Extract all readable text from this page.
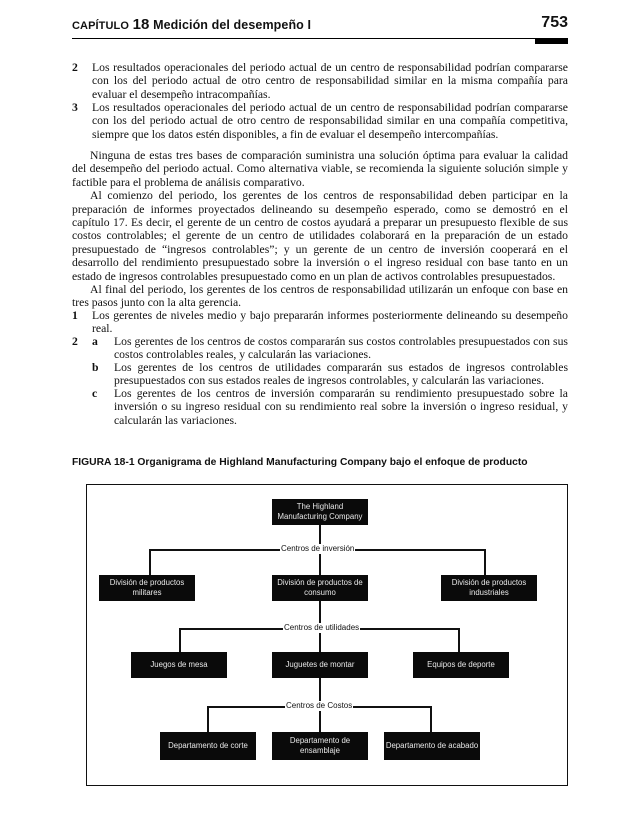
CAPÍTULO 18 Medición del desempeño I	753
2 Los resultados operacionales del periodo actual de un centro de responsabilidad podrían compararse con los del periodo actual de otro centro de responsabilidad similar en la misma compañía para evaluar el desempeño intracompañías.
3 Los resultados operacionales del periodo actual de un centro de responsabilidad podrían compararse con los del periodo actual de otro centro de responsabilidad similar en una compañía competitiva, siempre que los datos estén disponibles, a fin de evaluar el desempeño intercompañías.

Ninguna de estas tres bases de comparación suministra una solución óptima para evaluar la calidad del desempeño del periodo actual. Como alternativa viable, se recomienda la siguiente solución simple y factible para el problema de análisis comparativo.

Al comienzo del periodo, los gerentes de los centros de responsabilidad deben participar en la preparación de informes proyectados delineando su desempeño esperado, como se demostró en el capítulo 17. Es decir, el gerente de un centro de costos ayudará a preparar un presupuesto flexible de sus costos controlables; el gerente de un centro de utilidades colaborará en la preparación de un estado presupuestado de “ingresos controlables”; y un gerente de un centro de inversión cooperará en el desarrollo del rendimiento presupuestado sobre la inversión o el ingreso residual con base tanto en un estado de ingresos controlables presupuestado como en un plan de activos controlables presupuestados.

Al final del periodo, los gerentes de los centros de responsabilidad utilizarán un enfoque con base en tres pasos junto con la alta gerencia.

1 Los gerentes de niveles medio y bajo prepararán informes posteriormente delineando su desempeño real.
2 a Los gerentes de los centros de costos compararán sus costos controlables presupuestados con sus costos controlables reales, y calcularán las variaciones.
b Los gerentes de los centros de utilidades compararán sus estados de ingresos controlables presupuestados con sus estados reales de ingresos controlables, y calcularán las variaciones.
c Los gerentes de los centros de inversión compararán su rendimiento presupuestado sobre la inversión o su ingreso residual con su rendimiento real sobre la inversión o ingreso residual, y calcularán las variaciones.
FIGURA 18-1 Organigrama de Highland Manufacturing Company bajo el enfoque de producto
The Highland Manufacturing Company
Centros de inversión
División de productos militares
División de productos de consumo
División de productos industriales
Centros de utilidades
Juegos de mesa	Juguetes de montar	Equipos de deporte
Centros de Costos
Departamento de corte
Departamento de ensamblaje
Departamento de acabado
